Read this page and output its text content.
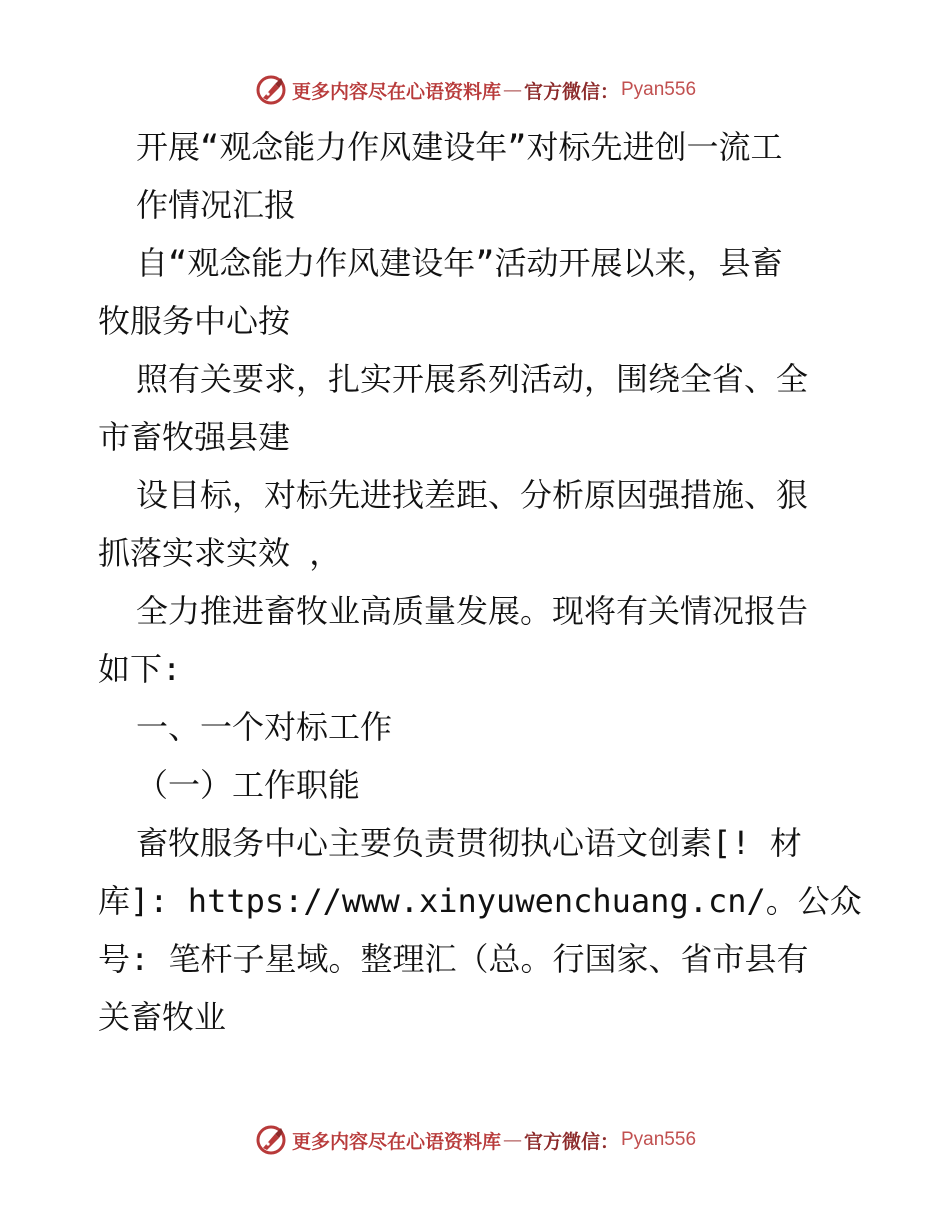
更多内容尽在心语资料库 — 官方微信： Pyan556
开展“观念能力作风建设年”对标先进创一流工
作情况汇报
自“观念能力作风建设年”活动开展以来，县畜
牧服务中心按
照有关要求，扎实开展系列活动，围绕全省、全
市畜牧强县建
设目标，对标先进找差距、分析原因强措施、狠
抓落实求实效 ，
全力推进畜牧业高质量发展。现将有关情况报告
如下:
一、一个对标工作
（一）工作职能
畜牧服务中心主要负责贯彻执心语文创素[! 材
库]: https://www.xinyuwenchuang.cn/。公众
号: 笔杆子星域。整理汇（总。行国家、省市县有
关畜牧业
更多内容尽在心语资料库 — 官方微信： Pyan556
